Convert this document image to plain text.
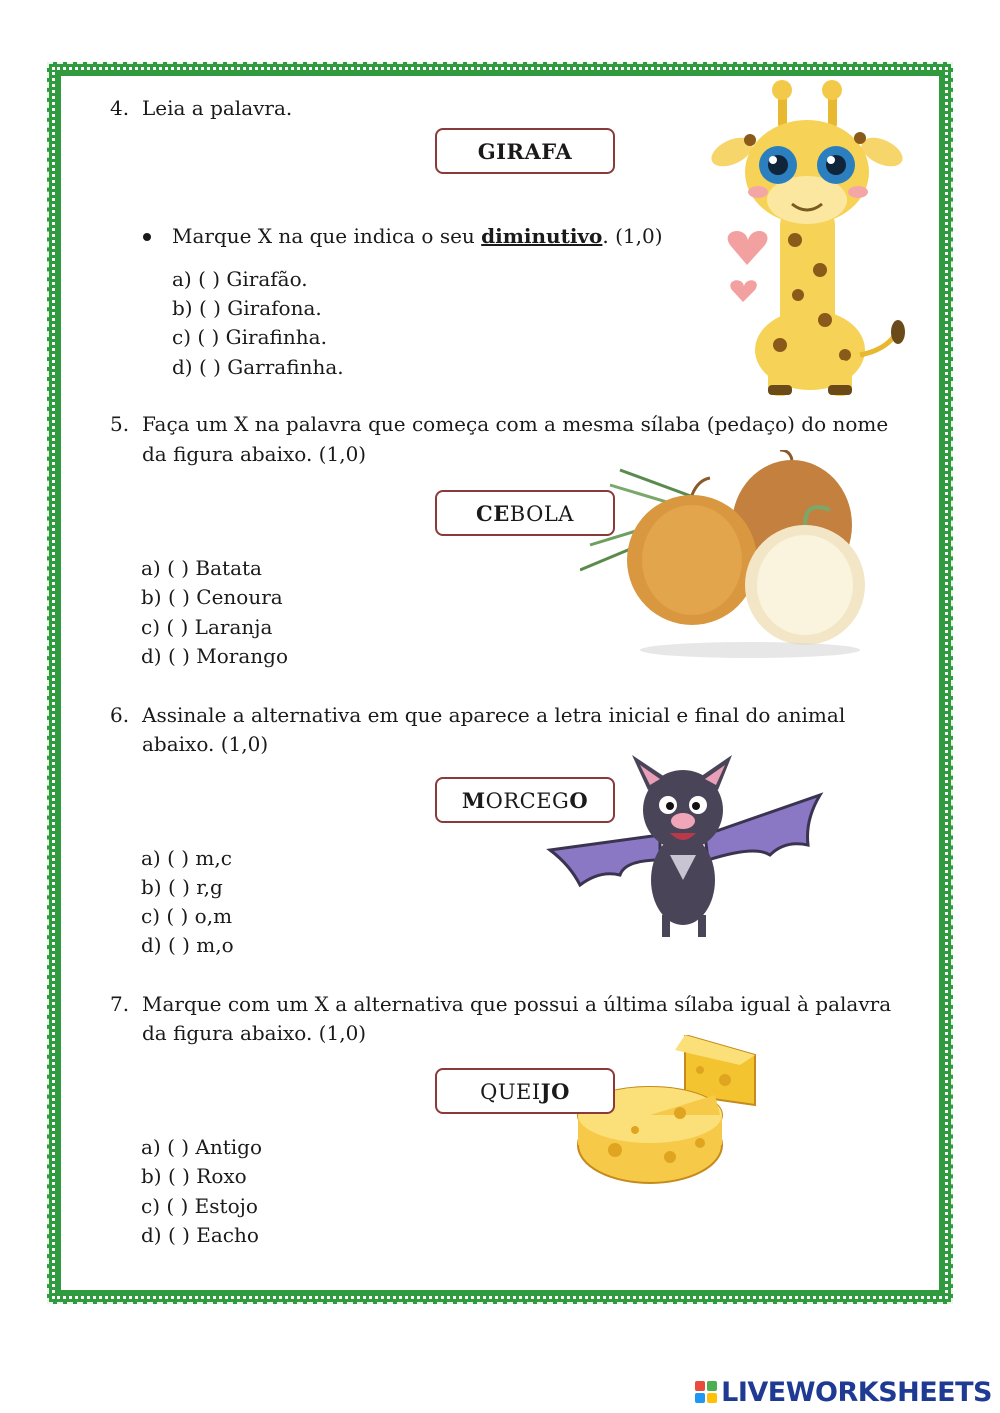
4. Leia a palavra.
GIRAFA
Marque X na que indica o seu diminutivo. (1,0)
a) ( ) Girafão.
b) ( ) Girafona.
c) ( ) Girafinha.
d) ( ) Garrafinha.
5. Faça um X na palavra que começa com a mesma sílaba (pedaço) do nome
da figura abaixo. (1,0)
CEBOLA
a) ( ) Batata
b) ( ) Cenoura
c) ( ) Laranja
d) ( ) Morango
6. Assinale a alternativa em que aparece a letra inicial e final do animal
abaixo. (1,0)
MORCEGO
a) ( ) m,c
b) ( ) r,g
c) ( ) o,m
d) ( ) m,o
7. Marque com um X a alternativa que possui a última sílaba igual à palavra
da figura abaixo. (1,0)
QUEIJO
a) ( ) Antigo
b) ( ) Roxo
c) ( ) Estojo
d) ( ) Eacho
LIVEWORKSHEETS
